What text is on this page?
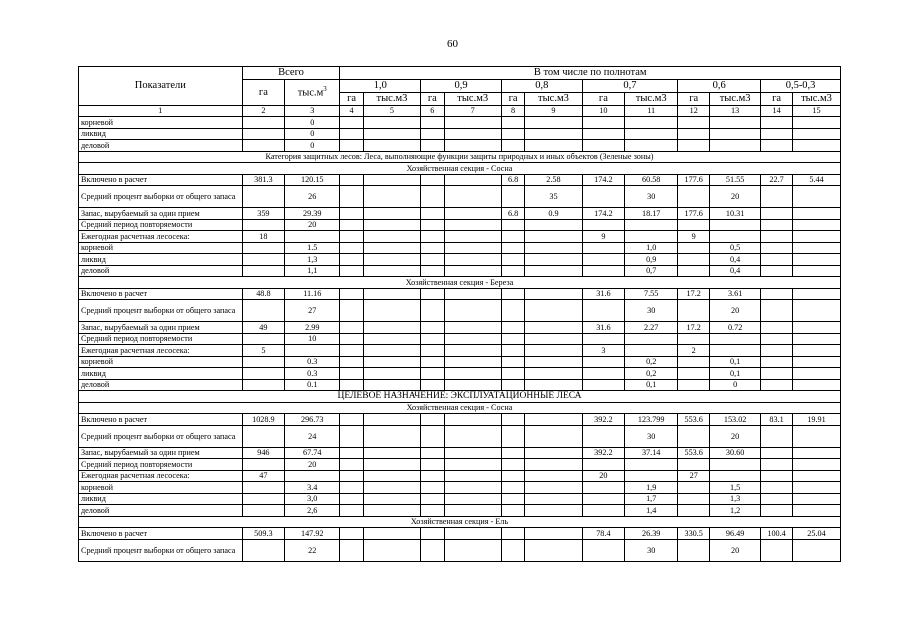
60
Показатели	Всего		В том числе по полнотам											
	га	$тыс.м^3$	1,0		0,9		0,8		0,7		0,6		0,5-0,3	
			га	тыс.м3	га	тыс.м3	га	тыс.м3	га	тыс.м3	га	тыс.м3	га	тыс.м3
1	2	3	4	5	6	7	8	9	10	11	12	13	14	15
корневой		0												
ликвид		0												
деловой		0												
Категория защитных лесов: Леса, выполняющие функции защиты природных и иных объектов (Зеленые зоны)														
Хозяйственная секция - Сосна														
Включено в расчет	381.3	120.15					6.8	2.58	174.2	60.58	177.6	51.55	22.7	5.44
Средний процент выборки от общего запаса		26						35		30		20		
Запас, вырубаемый за один прием	359	29.39					6.8	0.9	174.2	18.17	177.6	10.31		
Средний период повторяемости		20												
Ежегодная расчетная лесосека:	18								9		9			
корневой		1.5								1,0		0,5		
ликвид		1,3								0,9		0,4		
деловой		1,1								0,7		0,4		
Хозяйственная секция - Береза														
Включено в расчет	48.8	11.16							31.6	7.55	17.2	3.61		
Средний процент выборки от общего запаса		27								30		20		
Запас, вырубаемый за один прием	49	2.99							31.6	2.27	17.2	0.72		
Средний период повторяемости		10												
Ежегодная расчетная лесосека:	5								3		2			
корневой		0.3								0,2		0,1		
ликвид		0.3								0,2		0,1		
деловой		0.1								0,1		0		
ЦЕЛЕВОЕ НАЗНАЧЕНИЕ: ЭКСПЛУАТАЦИОННЫЕ ЛЕСА														
Хозяйственная секция - Сосна														
Включено в расчет	1028.9	296.73							392.2	123.799	553.6	153.02	83.1	19.91
Средний процент выборки от общего запаса		24								30		20		
Запас, вырубаемый за один прием	946	67.74							392.2	37.14	553.6	30.60		
Средний период повторяемости		20												
Ежегодная расчетная лесосека:	47								20		27			
корневой		3.4								1,9		1,5		
ликвид		3,0								1,7		1,3		
деловой		2,6								1,4		1,2		
Хозяйственная секция - Ель														
Включено в расчет	509.3	147.92							78.4	26.39	330.5	96.49	100.4	25.04
Средний процент выборки от общего запаса		22								30		20		
